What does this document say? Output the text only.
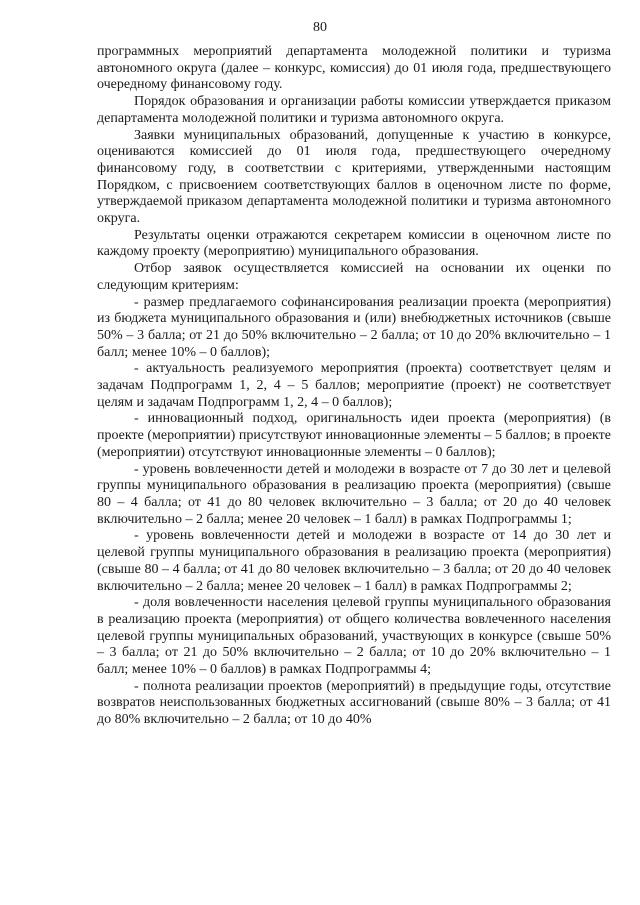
80

программных мероприятий департамента молодежной политики и туризма автономного округа (далее – конкурс, комиссия) до 01 июля года, предшествующего очередному финансовому году.

Порядок образования и организации работы комиссии утверждается приказом департамента молодежной политики и туризма автономного округа.

Заявки муниципальных образований, допущенные к участию в конкурсе, оцениваются комиссией до 01 июля года, предшествующего очередному финансовому году, в соответствии с критериями, утвержденными настоящим Порядком, с присвоением соответствующих баллов в оценочном листе по форме, утверждаемой приказом департамента молодежной политики и туризма автономного округа.

Результаты оценки отражаются секретарем комиссии в оценочном листе по каждому проекту (мероприятию) муниципального образования.

Отбор заявок осуществляется комиссией на основании их оценки по следующим критериям:

- размер предлагаемого софинансирования реализации проекта (мероприятия) из бюджета муниципального образования и (или) внебюджетных источников (свыше 50% – 3 балла; от 21 до 50% включительно – 2 балла; от 10 до 20% включительно – 1 балл; менее 10% – 0 баллов);

- актуальность реализуемого мероприятия (проекта) соответствует целям и задачам Подпрограмм 1, 2, 4 – 5 баллов; мероприятие (проект) не соответствует целям и задачам Подпрограмм 1, 2, 4 – 0 баллов);

- инновационный подход, оригинальность идеи проекта (мероприятия) (в проекте (мероприятии) присутствуют инновационные элементы – 5 баллов; в проекте (мероприятии) отсутствуют инновационные элементы – 0 баллов);

- уровень вовлеченности детей и молодежи в возрасте от 7 до 30 лет и целевой группы муниципального образования в реализацию проекта (мероприятия) (свыше 80 – 4 балла; от 41 до 80 человек включительно – 3 балла; от 20 до 40 человек включительно – 2 балла; менее 20 человек – 1 балл) в рамках Подпрограммы 1;

- уровень вовлеченности детей и молодежи в возрасте от 14 до 30 лет и целевой группы муниципального образования в реализацию проекта (мероприятия) (свыше 80 – 4 балла; от 41 до 80 человек включительно – 3 балла; от 20 до 40 человек включительно – 2 балла; менее 20 человек – 1 балл) в рамках Подпрограммы 2;

- доля вовлеченности населения целевой группы муниципального образования в реализацию проекта (мероприятия) от общего количества вовлеченного населения целевой группы муниципальных образований, участвующих в конкурсе (свыше 50% – 3 балла; от 21 до 50% включительно – 2 балла; от 10 до 20% включительно – 1 балл; менее 10% – 0 баллов) в рамках Подпрограммы 4;

- полнота реализации проектов (мероприятий) в предыдущие годы, отсутствие возвратов неиспользованных бюджетных ассигнований (свыше 80% – 3 балла; от 41 до 80% включительно – 2 балла; от 10 до 40%
